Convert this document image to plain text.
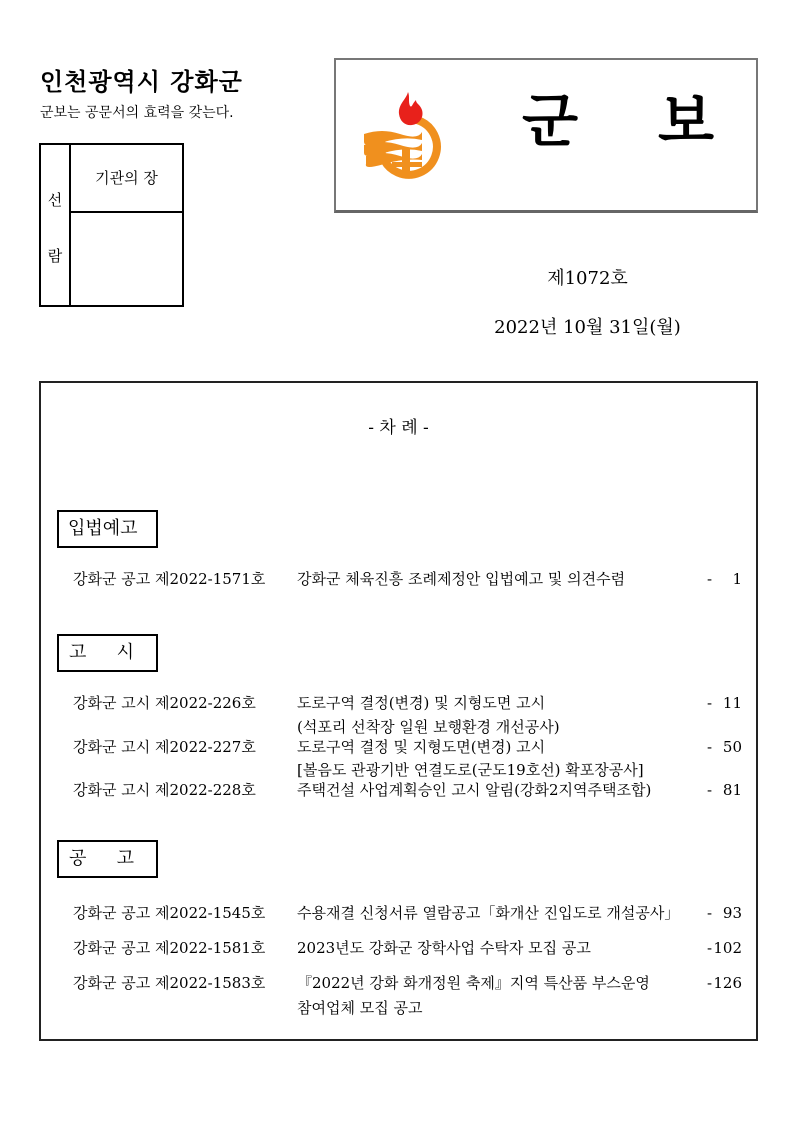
인천광역시 강화군
군보는 공문서의 효력을 갖는다.
선
람
기관의 장
군 보
제1072호
2022년 10월 31일(월)
- 차 례 -
입법예고
강화군 공고 제2022-1571호 강화군 체육진흥 조례제정안 입법예고 및 의견수렴	- 1
고 시
강화군 고시 제2022-226호	도로구역 결정(변경) 및 지형도면 고시	- 11
(석포리 선착장 일원 보행환경 개선공사)
강화군 고시 제2022-227호	도로구역 결정 및 지형도면(변경) 고시	- 50
[볼음도 관광기반 연결도로(군도19호선) 확포장공사]
강화군 고시 제2022-228호	주택건설 사업계획승인 고시 알림(강화2지역주택조합)	- 81
공 고
강화군 공고 제2022-1545호 수용재결 신청서류 열람공고「화개산 진입도로 개설공사」 - 93
강화군 공고 제2022-1581호 2023년도 강화군 장학사업 수탁자 모집 공고	- 102
강화군 공고 제2022-1583호 『2022년 강화 화개정원 축제』지역 특산품 부스운영	- 126
참여업체 모집 공고
